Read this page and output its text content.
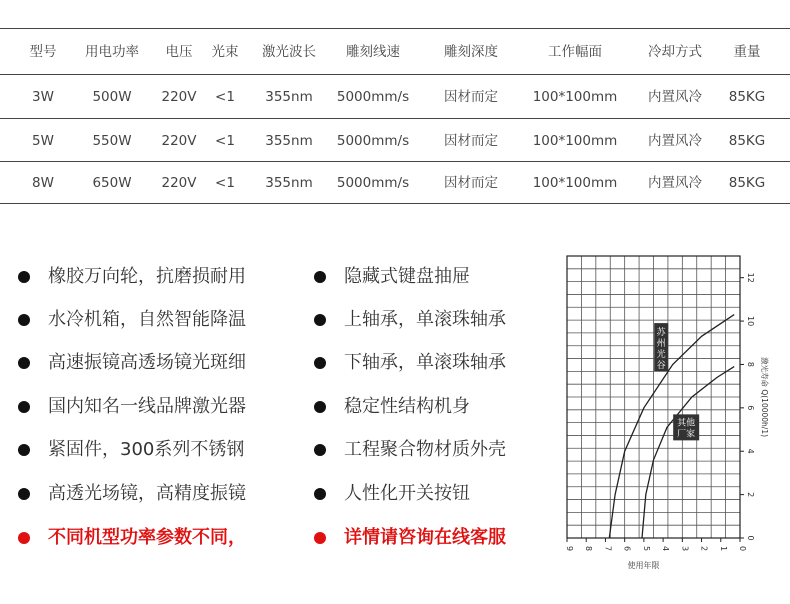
型号 用电功率 电压 光束 激光波长 雕刻线速	雕刻深度	工作幅面	冷却方式 重量
3W	500W 220V <1 355nm 5000mm/s	因材而定	100*100mm 内置风冷 85KG
5W	550W 220V <1 355nm 5000mm/s	因材而定	100*100mm 内置风冷 85KG
8W	650W 220V <1 355nm 5000mm/s	因材而定	100*100mm 内置风冷 85KG
橡胶万向轮，抗磨损耐用
水冷机箱，自然智能降温
高速振镜高透场镜光斑细
国内知名一线品牌激光器
紧固件，300系列不锈钢
高透光场镜，高精度振镜
不同机型功率参数不同，
隐藏式键盘抽屉
上轴承，单滚珠轴承
下轴承，单滚珠轴承
稳定性结构机身
工程聚合物材质外壳
人性化开关按钮
详情请咨询在线客服
9 8 7 6 5 4 3 2 1 0
0
2
4
6
8
10
12
激光寿命 Q(10000h/1)
使用年限
苏州光谷
其他厂家
